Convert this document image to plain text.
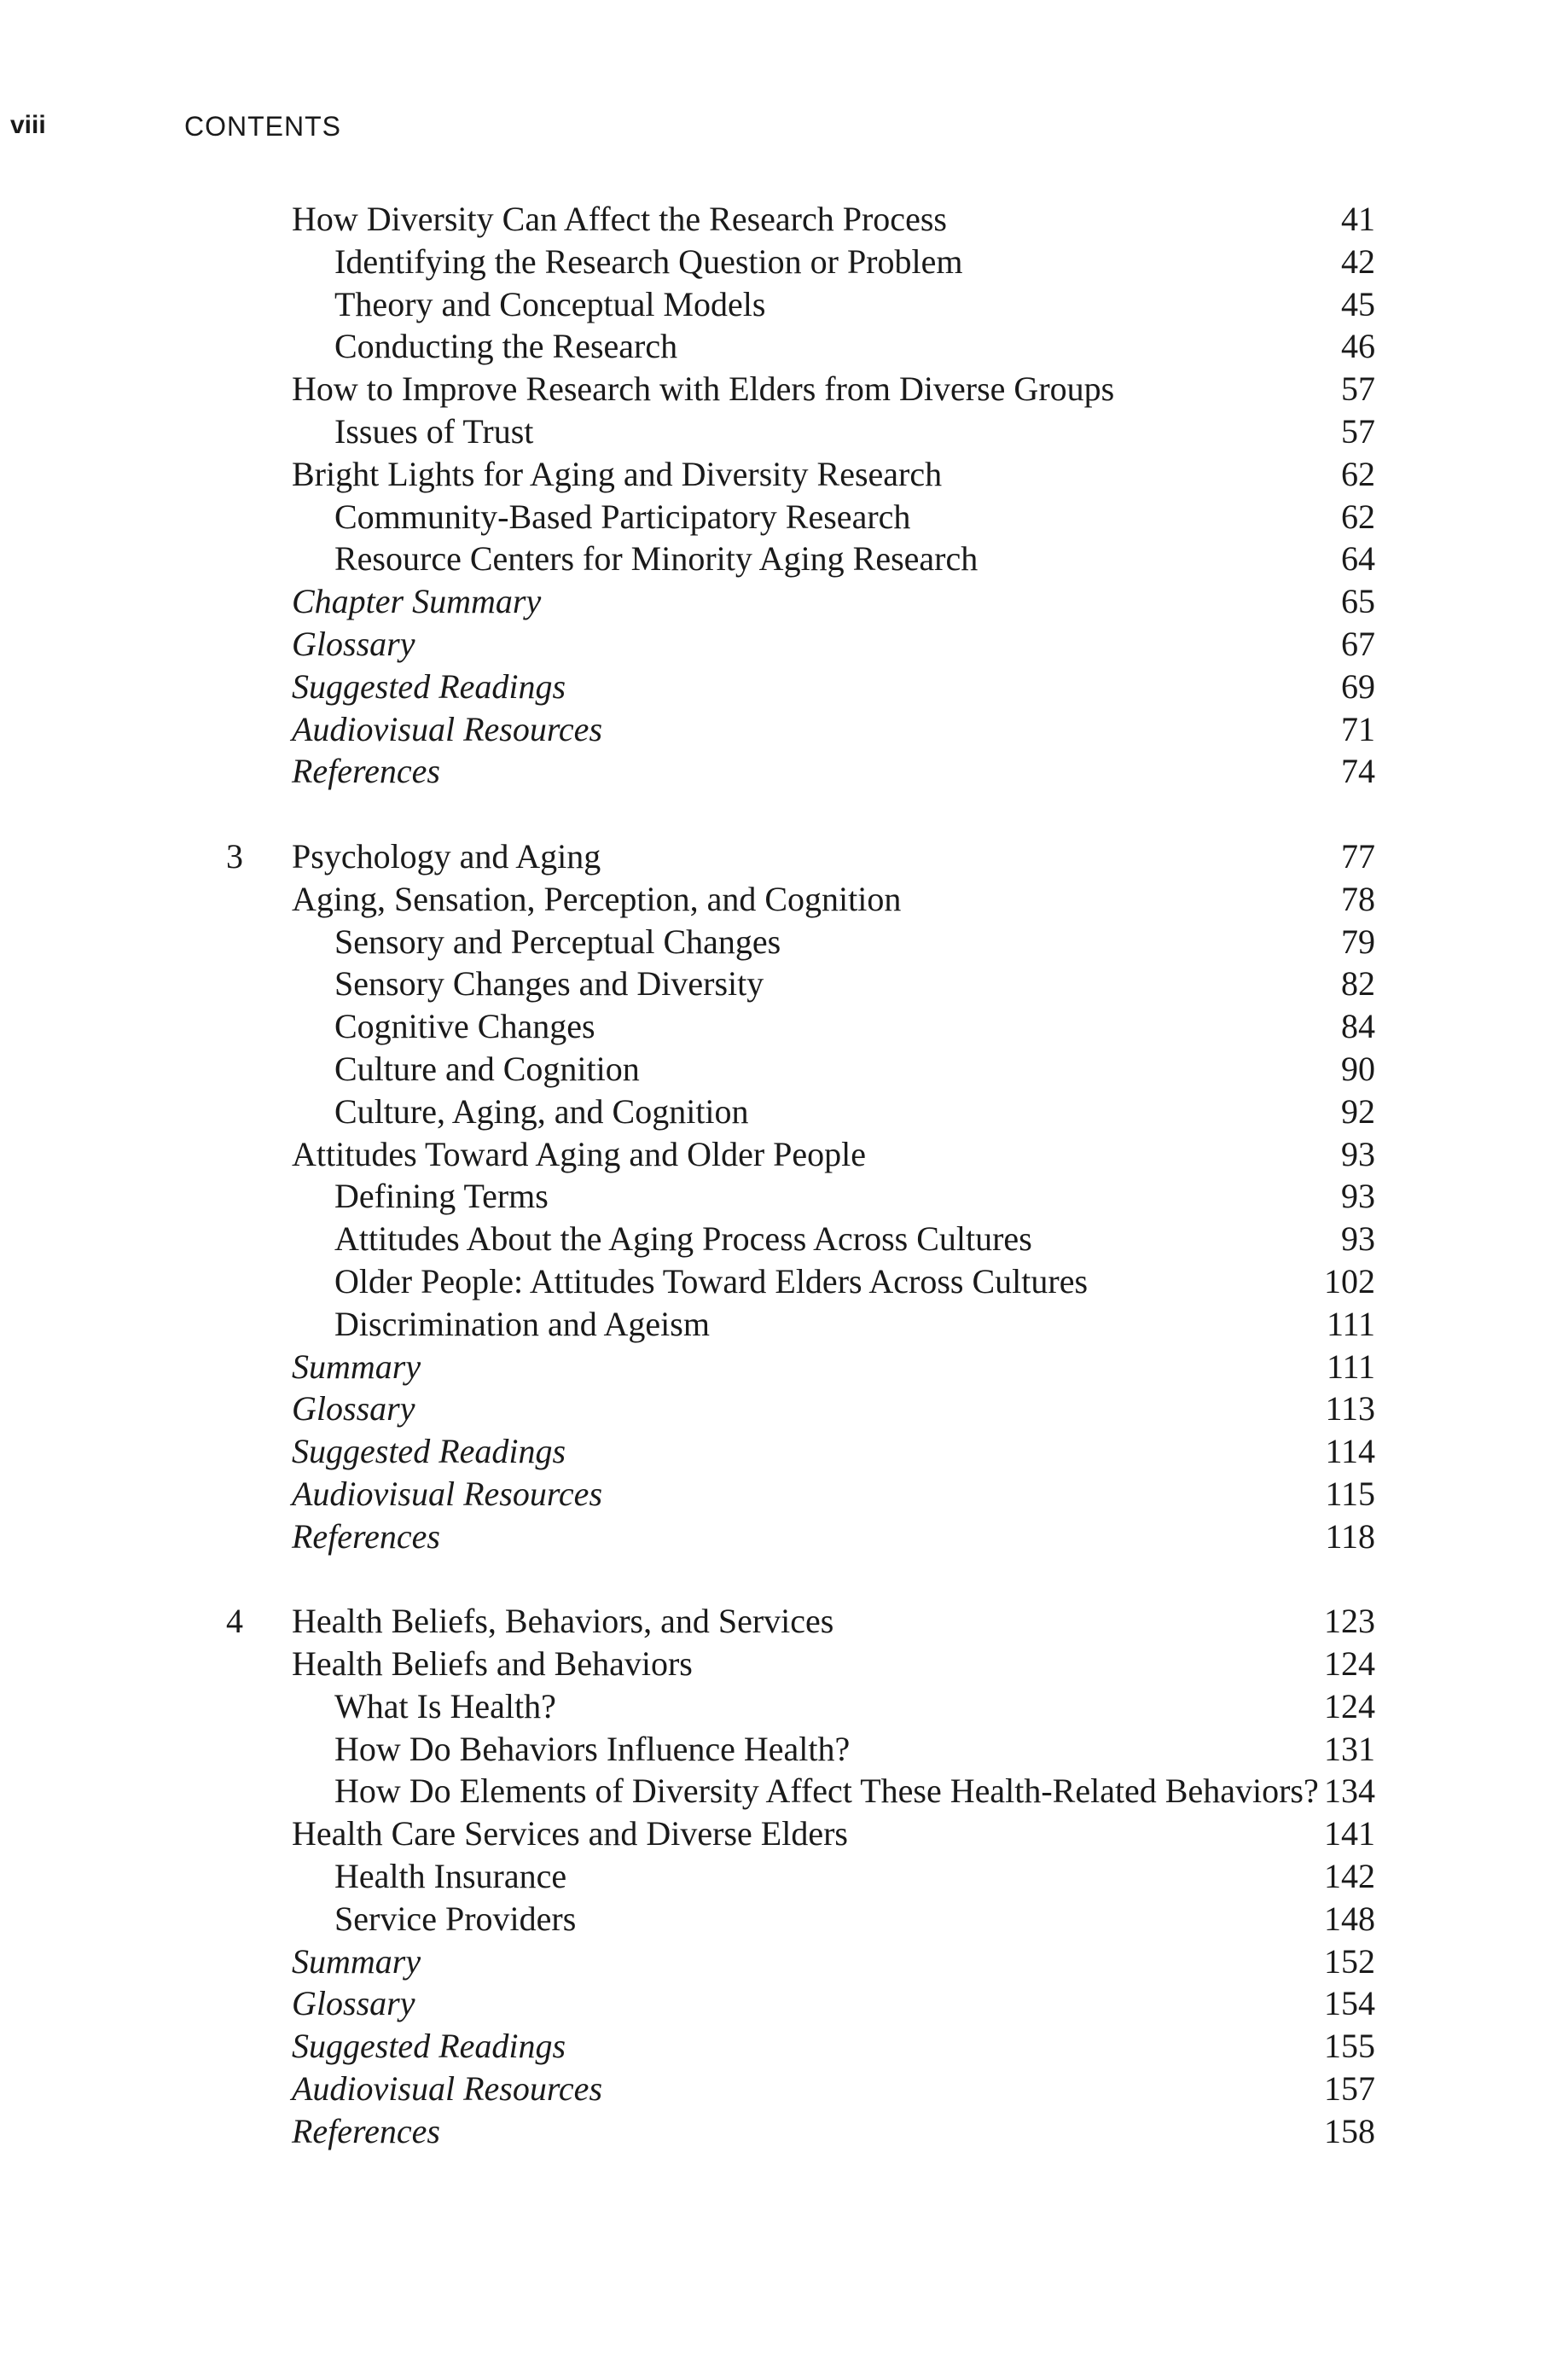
viii	CONTENTS
How Diversity Can Affect the Research Process	41
Identifying the Research Question or Problem	42
Theory and Conceptual Models	45
Conducting the Research	46
How to Improve Research with Elders from Diverse Groups	57
Issues of Trust	57
Bright Lights for Aging and Diversity Research	62
Community-Based Participatory Research	62
Resource Centers for Minority Aging Research	64
Chapter Summary	65
Glossary	67
Suggested Readings	69
Audiovisual Resources	71
References	74
3 Psychology and Aging	77
Aging, Sensation, Perception, and Cognition	78
Sensory and Perceptual Changes	79
Sensory Changes and Diversity	82
Cognitive Changes	84
Culture and Cognition	90
Culture, Aging, and Cognition	92
Attitudes Toward Aging and Older People	93
Defining Terms	93
Attitudes About the Aging Process Across Cultures	93
Older People: Attitudes Toward Elders Across Cultures	102
Discrimination and Ageism	111
Summary	111
Glossary	113
Suggested Readings	114
Audiovisual Resources	115
References	118
4 Health Beliefs, Behaviors, and Services	123
Health Beliefs and Behaviors	124
What Is Health?	124
How Do Behaviors Influence Health?	131
How Do Elements of Diversity Affect These Health-Related Behaviors? 134
Health Care Services and Diverse Elders	141
Health Insurance	142
Service Providers	148
Summary	152
Glossary	154
Suggested Readings	155
Audiovisual Resources	157
References	158
